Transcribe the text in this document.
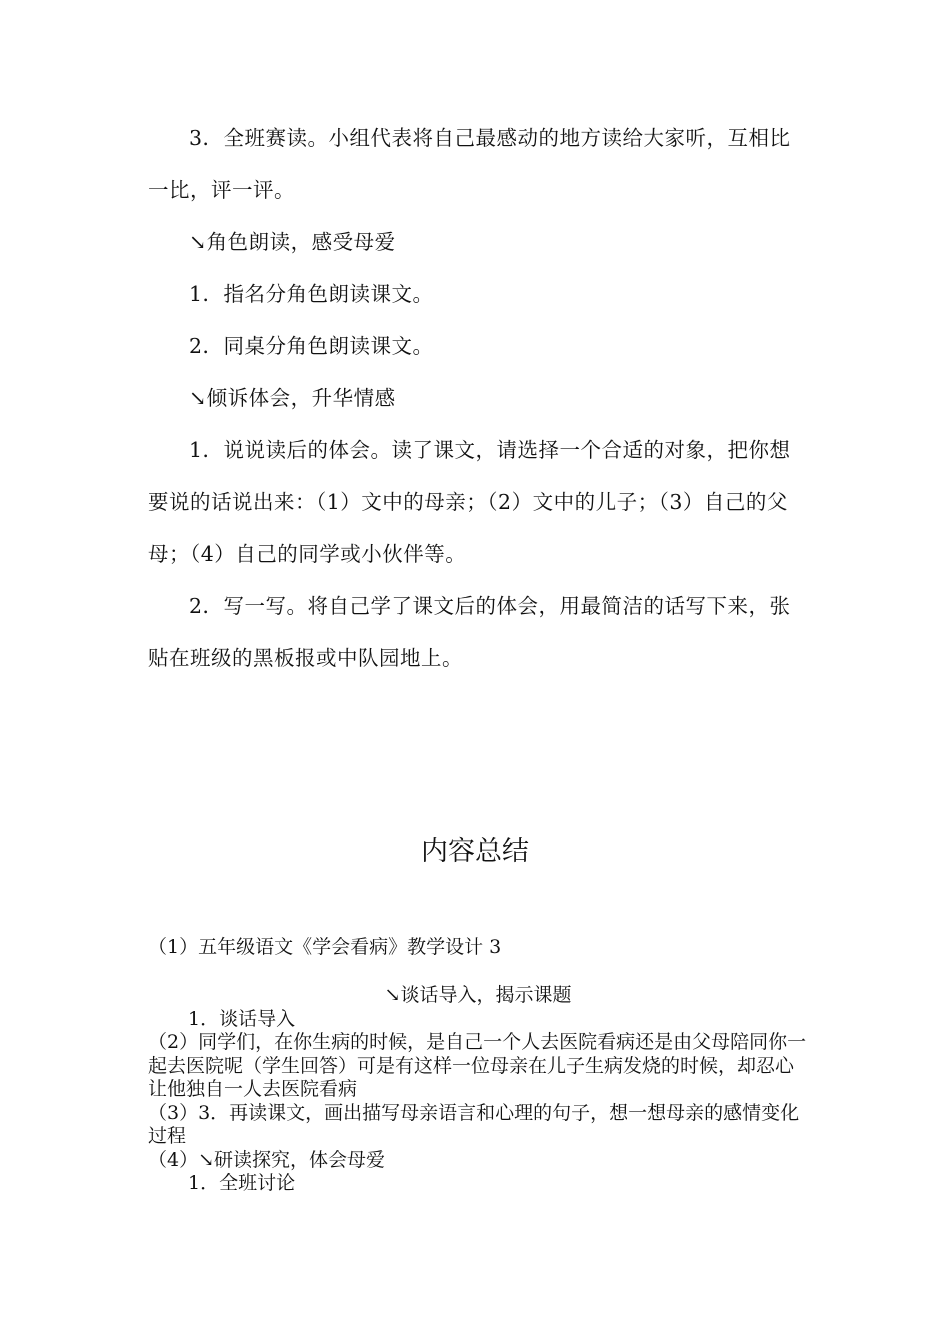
3．全班赛读。小组代表将自己最感动的地方读给大家听，互相比一比，评一评。

↘角色朗读，感受母爱

1．指名分角色朗读课文。

2．同桌分角色朗读课文。

↘倾诉体会，升华情感

1．说说读后的体会。读了课文，请选择一个合适的对象，把你想要说的话说出来：（1）文中的母亲；（2）文中的儿子；（3）自己的父母；（4）自己的同学或小伙伴等。

2．写一写。将自己学了课文后的体会，用最简洁的话写下来，张贴在班级的黑板报或中队园地上。

内容总结

（1）五年级语文《学会看病》教学设计 3

↘谈话导入，揭示课题

1．谈话导入

（2）同学们，在你生病的时候，是自己一个人去医院看病还是由父母陪同你一起去医院呢（学生回答）可是有这样一位母亲在儿子生病发烧的时候，却忍心让他独自一人去医院看病

（3）3．再读课文，画出描写母亲语言和心理的句子，想一想母亲的感情变化过程

（4）↘研读探究，体会母爱

1．全班讨论
